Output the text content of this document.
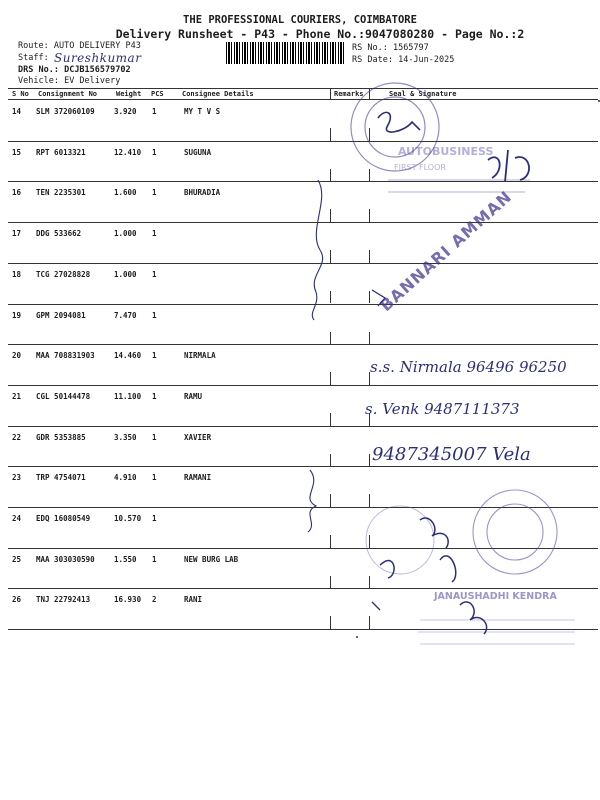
THE PROFESSIONAL COURIERS, COIMBATORE
Delivery Runsheet - P43 - Phone No.:9047080280 - Page No.:2
Route: AUTO DELIVERY P43
Staff: Sureshkumar
DRS No.: DCJB156579702
Vehicle: EV Delivery
RS No.: 1565797
RS Date: 14-Jun-2025
S No Consignment No	Weight PCS	Consignee Details	Remarks	Seal & Signature
14 SLM 372060109	3.920 1	MY T V S
15 RPT 6013321	12.410 1	SUGUNA
16 TEN 2235301	1.600 1	BHURADIA
17 DDG 533662	1.000 1
18 TCG 27028828	1.000 1
19 GPM 2094081	7.470 1
20 MAA 708831903	14.460 1	NIRMALA
21 CGL 50144478	11.100 1	RAMU
22 GDR 5353885	3.350 1	XAVIER
23 TRP 4754071	4.910 1	RAMANI
24 EDQ 16080549	10.570 1
25 MAA 303030590	1.550 1	NEW BURG LAB
26 TNJ 22792413	16.930 2	RANI
AUTOBUSINESS
FIRST FLOOR
BANNARI AMMAN
s.s. Nirmala 96496 96250
s. Venk 9487111373
9487345007 Vela
JANAUSHADHI KENDRA
